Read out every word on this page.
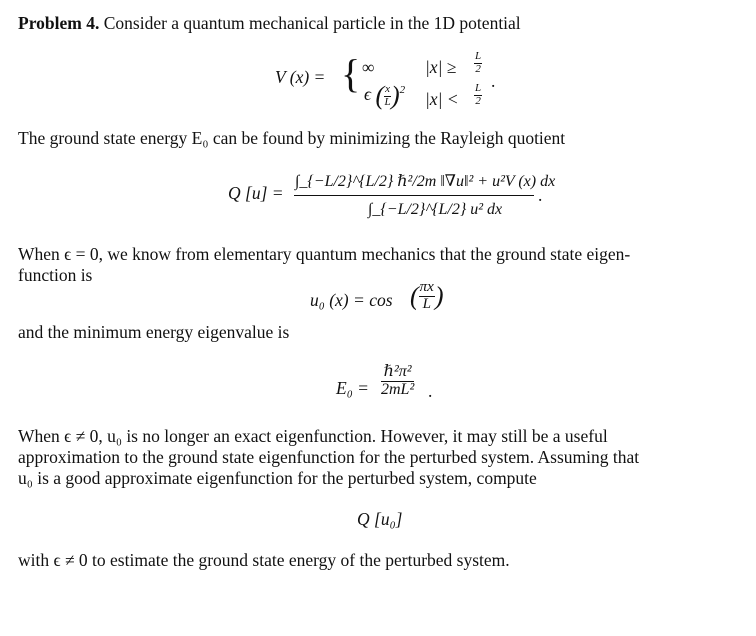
Problem 4. Consider a quantum mechanical particle in the 1D potential
V (x) = { ∞	$|x| \ge \frac{L}{2}$
ϵ ( $\frac{x}{L} )^2$ $|x| < \frac{L}{2}$
.
The ground state energy E₀ can be found by minimizing the Rayleigh quotient
Q [u] =
∫_{−L/2}^{L/2} ℏ²/2m ‖∇u‖² + u²V (x) dx
∫_{−L/2}^{L/2} u² dx
.
When ϵ = 0, we know from elementary quantum mechanics that the ground state eigen-
function is
u₀ (x) = cos ( $\frac{\pi x}{L}$ )
and the minimum energy eigenvalue is
$E_0 = \frac{\text{ℏ²π²}}{\text{2mL²}}$ .
When ϵ ≠ 0, u₀ is no longer an exact eigenfunction. However, it may still be a useful
approximation to the ground state eigenfunction for the perturbed system. Assuming that
u₀ is a good approximate eigenfunction for the perturbed system, compute
Q [u₀]
with ϵ ≠ 0 to estimate the ground state energy of the perturbed system.
